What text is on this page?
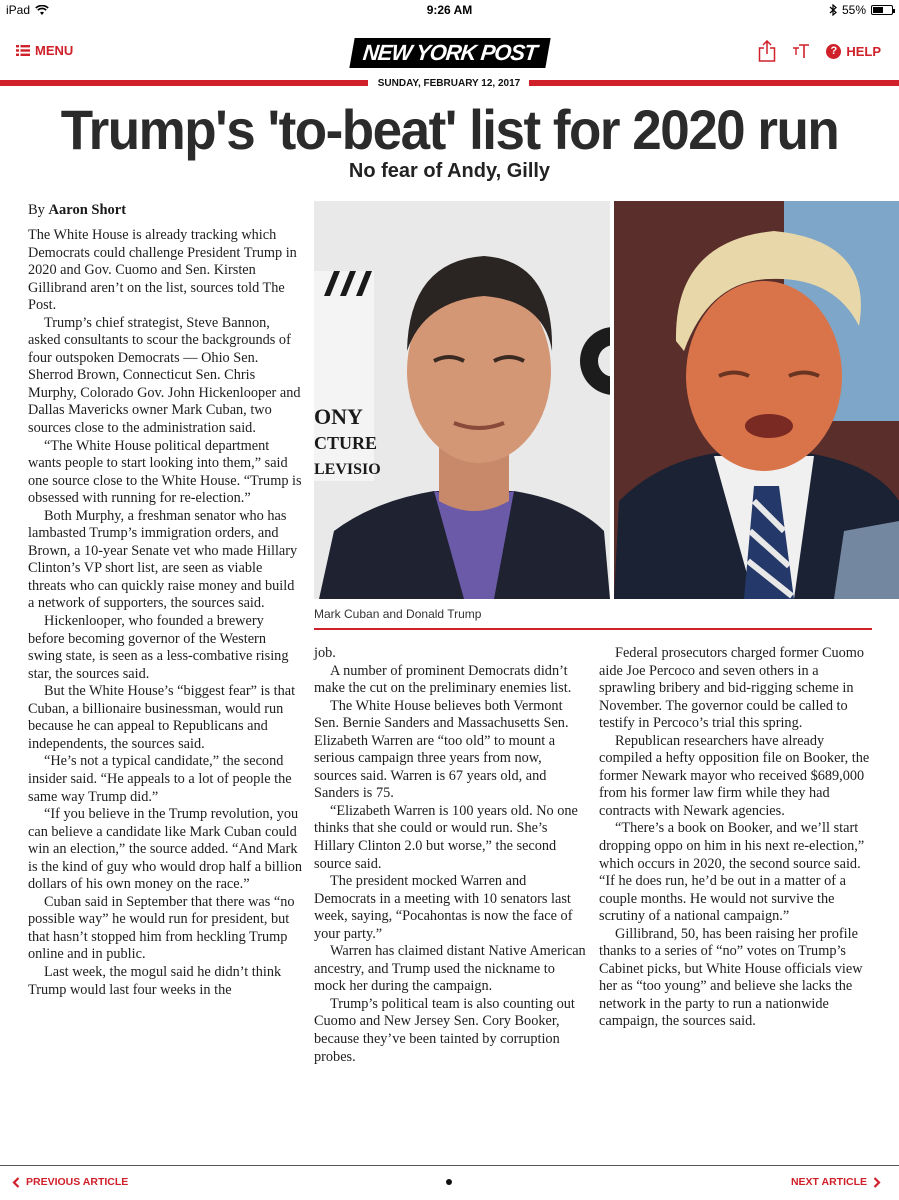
iPad	9:26 AM	55%
MENU	NEW YORK POST	? HELP
SUNDAY, FEBRUARY 12, 2017
Trump's 'to-beat' list for 2020 run
No fear of Andy, Gilly
By Aaron Short

The White House is already tracking which Democrats could challenge President Trump in 2020 and Gov. Cuomo and Sen. Kirsten Gillibrand aren’t on the list, sources told The Post.

Trump’s chief strategist, Steve Bannon, asked consultants to scour the backgrounds of four outspoken Democrats — Ohio Sen. Sherrod Brown, Connecticut Sen. Chris Murphy, Colorado Gov. John Hickenlooper and Dallas Mavericks owner Mark Cuban, two sources close to the administration said.

“The White House political department wants people to start looking into them,” said one source close to the White House. “Trump is obsessed with running for re-election.”

Both Murphy, a freshman senator who has lambasted Trump’s immigration orders, and Brown, a 10-year Senate vet who made Hillary Clinton’s VP short list, are seen as viable threats who can quickly raise money and build a network of supporters, the sources said.

Hickenlooper, who founded a brewery before becoming governor of the Western swing state, is seen as a less-combative rising star, the sources said.

But the White House’s “biggest fear” is that Cuban, a billionaire businessman, would run because he can appeal to Republicans and independents, the sources said.

“He’s not a typical candidate,” the second insider said. “He appeals to a lot of people the same way Trump did.”

“If you believe in the Trump revolution, you can believe a candidate like Mark Cuban could win an election,” the source added. “And Mark is the kind of guy who would drop half a billion dollars of his own money on the race.”

Cuban said in September that there was “no possible way” he would run for president, but that hasn’t stopped him from heckling Trump online and in public.

Last week, the mogul said he didn’t think Trump would last four weeks in the

ONY
CTURE
LEVISIO
Mark Cuban and Donald Trump

job.

A number of prominent Democrats didn’t make the cut on the preliminary enemies list.

The White House believes both Vermont Sen. Bernie Sanders and Massachusetts Sen. Elizabeth Warren are “too old” to mount a serious campaign three years from now, sources said. Warren is 67 years old, and Sanders is 75.

“Elizabeth Warren is 100 years old. No one thinks that she could or would run. She’s Hillary Clinton 2.0 but worse,” the second source said.

The president mocked Warren and Democrats in a meeting with 10 senators last week, saying, “Pocahontas is now the face of your party.”

Warren has claimed distant Native American ancestry, and Trump used the nickname to mock her during the campaign.

Trump’s political team is also counting out Cuomo and New Jersey Sen. Cory Booker, because they’ve been tainted by corruption probes.

Federal prosecutors charged former Cuomo aide Joe Percoco and seven others in a sprawling bribery and bid-rigging scheme in November. The governor could be called to testify in Percoco’s trial this spring.

Republican researchers have already compiled a hefty opposition file on Booker, the former Newark mayor who received $689,000 from his former law firm while they had contracts with Newark agencies.

“There’s a book on Booker, and we’ll start dropping oppo on him in his next re-election,” which occurs in 2020, the second source said. “If he does run, he’d be out in a matter of a couple months. He would not survive the scrutiny of a national campaign.”

Gillibrand, 50, has been raising her profile thanks to a series of “no” votes on Trump’s Cabinet picks, but White House officials view her as “too young” and believe she lacks the network in the party to run a nationwide campaign, the sources said.

PREVIOUS ARTICLE	NEXT ARTICLE
